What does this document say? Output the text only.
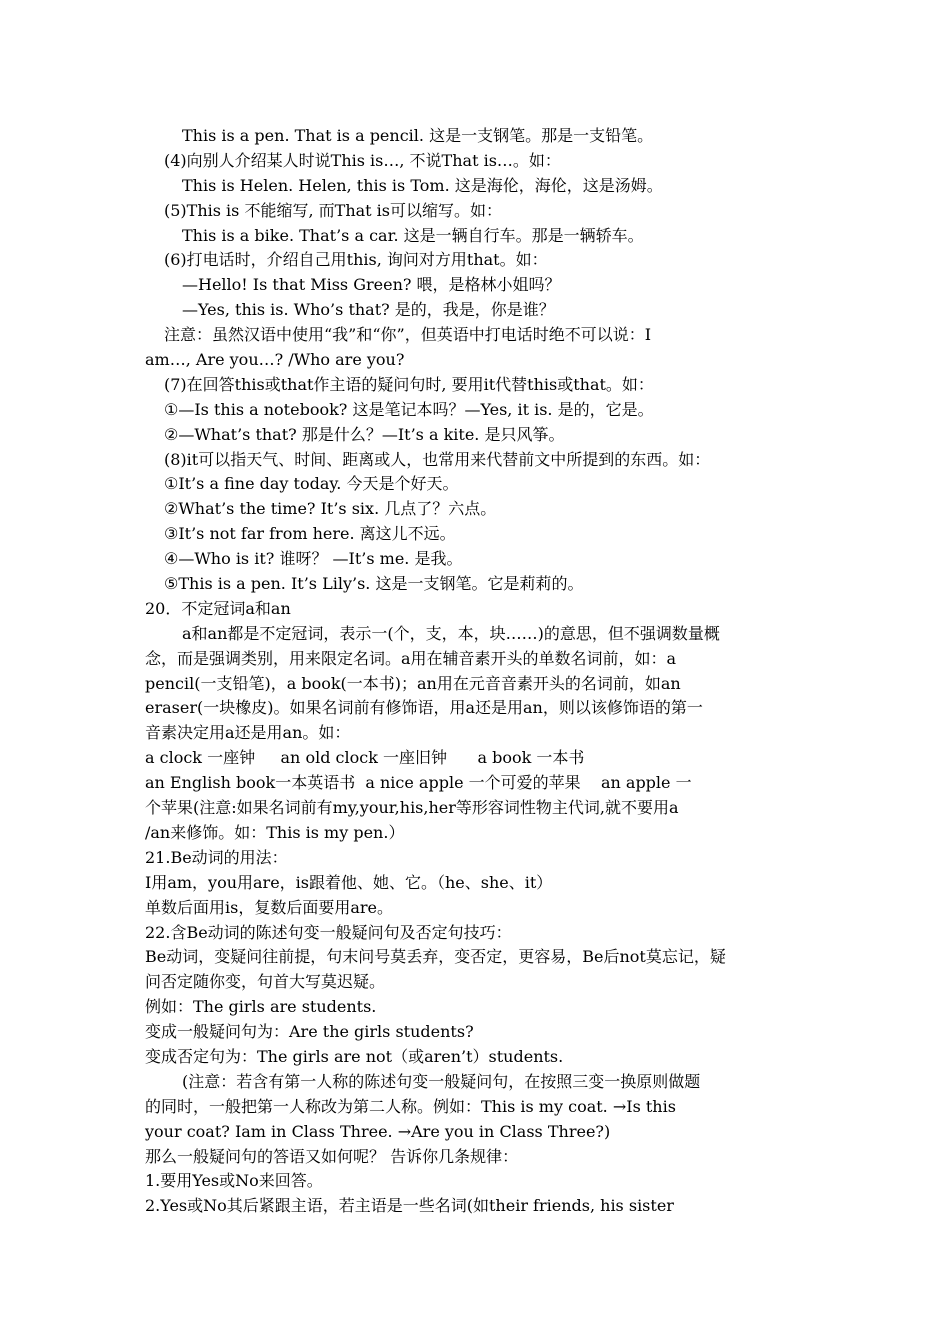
This is a pen. That is a pencil. 这是一支钢笔。那是一支铅笔。
(4)向别人介绍某人时说This is…, 不说That is…。如：
This is Helen. Helen, this is Tom. 这是海伦，海伦，这是汤姆。
(5)This is 不能缩写, 而That is可以缩写。如：
This is a bike. That’s a car. 这是一辆自行车。那是一辆轿车。
(6)打电话时，介绍自己用this, 询问对方用that。如：
—Hello! Is that Miss Green? 喂，是格林小姐吗？
—Yes, this is. Who’s that? 是的，我是，你是谁？
注意：虽然汉语中使用“我”和“你”，但英语中打电话时绝不可以说：I
am…, Are you…? /Who are you?
(7)在回答this或that作主语的疑问句时, 要用it代替this或that。如：
①—Is this a notebook? 这是笔记本吗？—Yes, it is. 是的，它是。
②—What’s that? 那是什么？—It’s a kite. 是只风筝。
(8)it可以指天气、时间、距离或人，也常用来代替前文中所提到的东西。如：
①It’s a fine day today. 今天是个好天。
②What’s the time? It’s six. 几点了？六点。
③It’s not far from here. 离这儿不远。
④—Who is it? 谁呀？ —It’s me. 是我。
⑤This is a pen. It’s Lily’s. 这是一支钢笔。它是莉莉的。
20．不定冠词a和an
a和an都是不定冠词，表示一(个，支，本，块……)的意思，但不强调数量概
念，而是强调类别，用来限定名词。a用在辅音素开头的单数名词前，如：a
pencil(一支铅笔)，a book(一本书)；an用在元音音素开头的名词前，如an
eraser(一块橡皮)。如果名词前有修饰语，用a还是用an，则以该修饰语的第一
音素决定用a还是用an。如：
a clock 一座钟     an old clock 一座旧钟      a book 一本书
an English book一本英语书  a nice apple 一个可爱的苹果    an apple 一
个苹果(注意:如果名词前有my,your,his,her等形容词性物主代词,就不要用a
/an来修饰。如：This is my pen.）
21.Be动词的用法：
I用am，you用are，is跟着他、她、它。（he、she、it）
单数后面用is，复数后面要用are。
22.含Be动词的陈述句变一般疑问句及否定句技巧：
Be动词，变疑问往前提，句末问号莫丢弃，变否定，更容易，Be后not莫忘记，疑
问否定随你变，句首大写莫迟疑。
例如：The girls are students.
变成一般疑问句为：Are the girls students?
变成否定句为：The girls are not（或aren’t）students.
(注意：若含有第一人称的陈述句变一般疑问句，在按照三变一换原则做题
的同时，一般把第一人称改为第二人称。例如：This is my coat. →Is this
your coat? Iam in Class Three. →Are you in Class Three?)
那么一般疑问句的答语又如何呢？ 告诉你几条规律：
1.要用Yes或No来回答。
2.Yes或No其后紧跟主语，若主语是一些名词(如their friends, his sister
